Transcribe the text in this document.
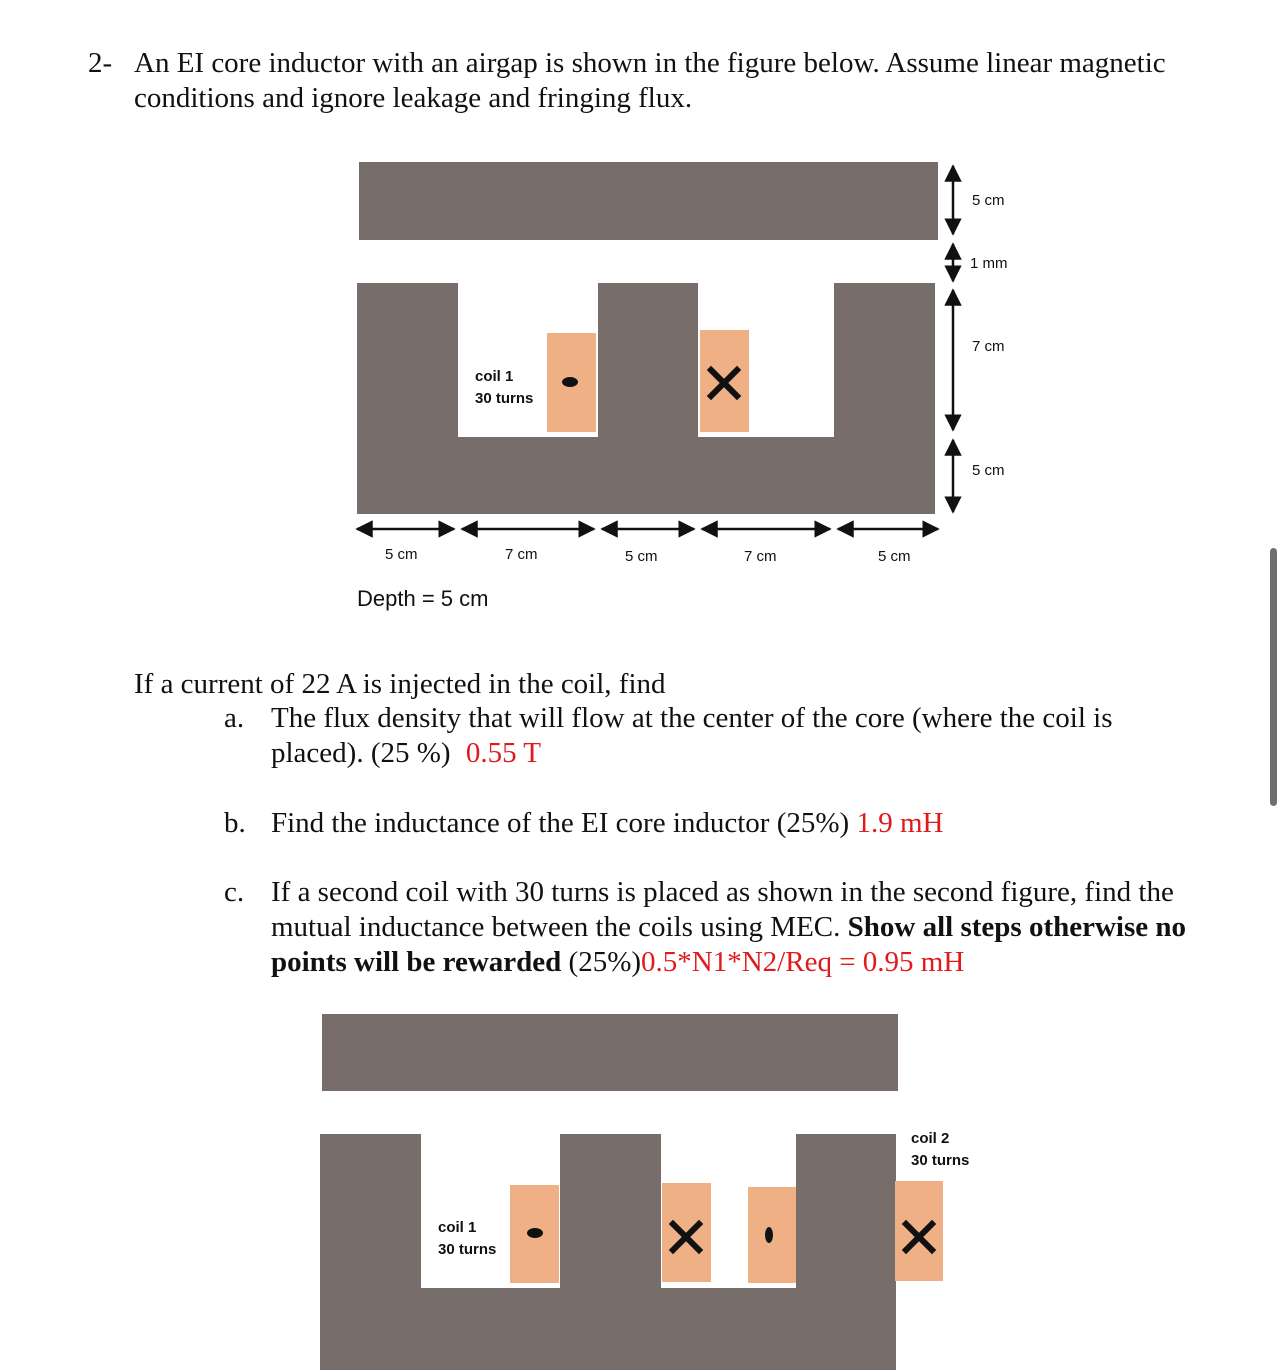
2- An EI core inductor with an airgap is shown in the figure below. Assume linear magnetic
conditions and ignore leakage and fringing flux.
coil 1
30 turns
5 cm
1 mm
7 cm
5 cm
5 cm	7 cm	5 cm	7 cm	5 cm
Depth = 5 cm
If a current of 22 A is injected in the coil, find
a. The flux density that will flow at the center of the core (where the coil is
placed). (25 %) 0.55 T
b. Find the inductance of the EI core inductor (25%) 1.9 mH
c. If a second coil with 30 turns is placed as shown in the second figure, find the
mutual inductance between the coils using MEC. Show all steps otherwise no
points will be rewarded (25%)0.5*N1*N2/Req = 0.95 mH
coil 1
30 turns
coil 2
30 turns
